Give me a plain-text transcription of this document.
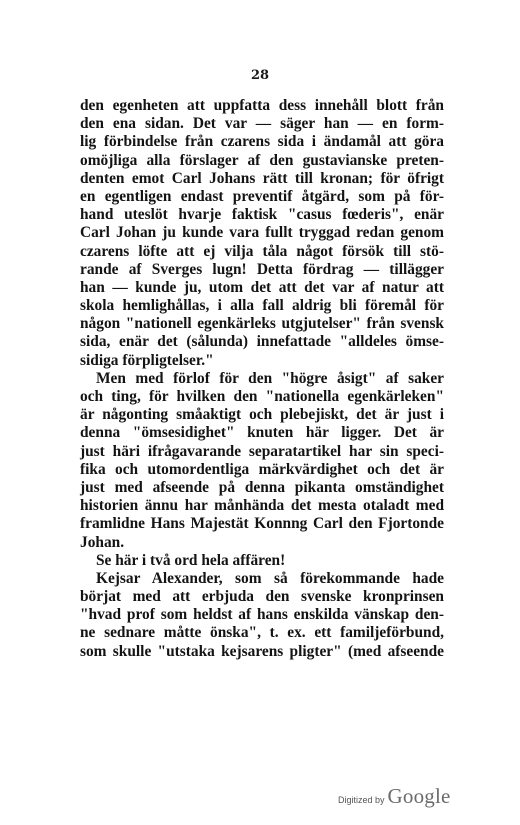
28
den egenheten att uppfatta dess innehåll blott från
den ena sidan. Det var — säger han — en form-
lig förbindelse från czarens sida i ändamål att göra
omöjliga alla förslager af den gustavianske preten-
denten emot Carl Johans rätt till kronan; för öfrigt
en egentligen endast preventif åtgärd, som på för-
hand uteslöt hvarje faktisk "casus fœderis", enär
Carl Johan ju kunde vara fullt tryggad redan genom
czarens löfte att ej vilja tåla något försök till stö-
rande af Sverges lugn! Detta fördrag — tillägger
han — kunde ju, utom det att det var af natur att
skola hemlighållas, i alla fall aldrig bli föremål för
någon "nationell egenkärleks utgjutelser" från svensk
sida, enär det (sålunda) innefattade "alldeles ömse-
sidiga förpligtelser."
Men med förlof för den "högre åsigt" af saker
och ting, för hvilken den "nationella egenkärleken"
är någonting småaktigt och plebejiskt, det är just i
denna "ömsesidighet" knuten här ligger. Det är
just häri ifrågavarande separatartikel har sin speci-
fika och utomordentliga märkvärdighet och det är
just med afseende på denna pikanta omständighet
historien ännu har månhända det mesta otaladt med
framlidne Hans Majestät Konnng Carl den Fjortonde
Johan.
Se här i två ord hela affären!
Kejsar Alexander, som så förekommande hade
börjat med att erbjuda den svenske kronprinsen
"hvad prof som heldst af hans enskilda vänskap den-
ne sednare måtte önska", t. ex. ett familjeförbund,
som skulle "utstaka kejsarens pligter" (med afseende
Digitized by Google
